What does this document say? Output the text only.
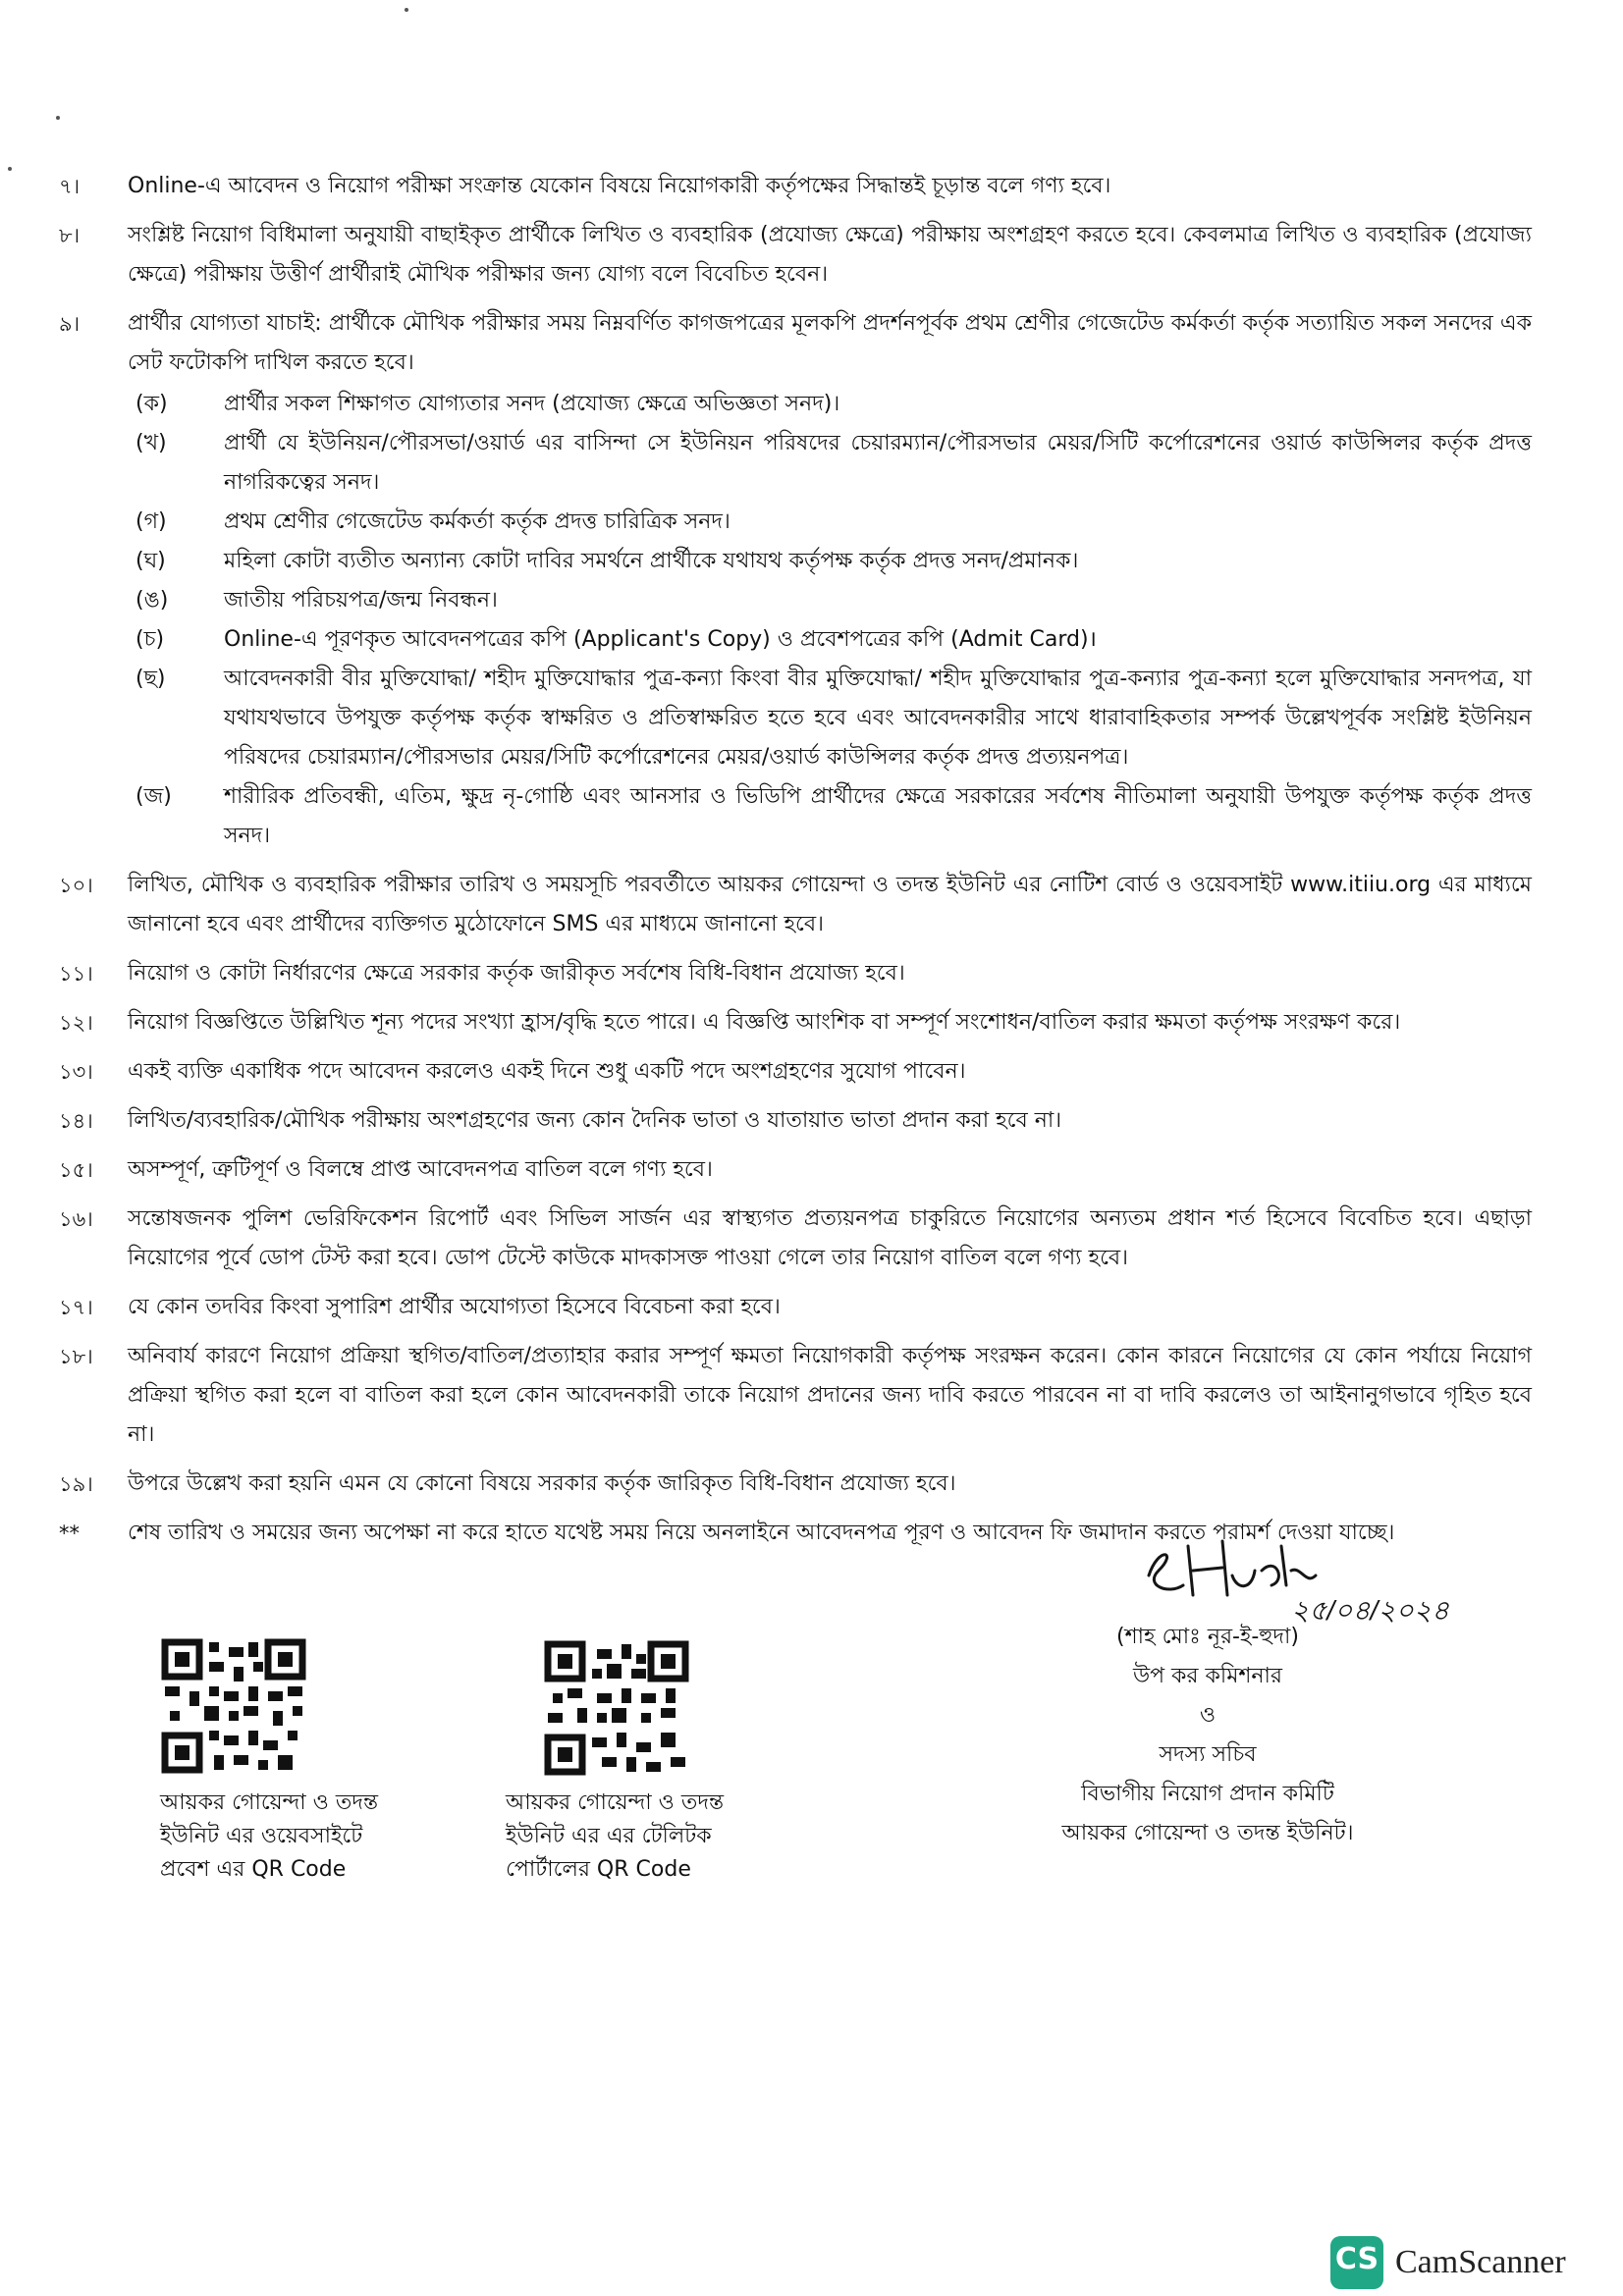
৭।	Online-এ আবেদন ও নিয়োগ পরীক্ষা সংক্রান্ত যেকোন বিষয়ে নিয়োগকারী কর্তৃপক্ষের সিদ্ধান্তই চূড়ান্ত বলে গণ্য হবে।
৮।	সংশ্লিষ্ট নিয়োগ বিধিমালা অনুযায়ী বাছাইকৃত প্রার্থীকে লিখিত ও ব্যবহারিক (প্রযোজ্য ক্ষেত্রে) পরীক্ষায় অংশগ্রহণ করতে হবে। কেবলমাত্র লিখিত ও ব্যবহারিক (প্রযোজ্য ক্ষেত্রে) পরীক্ষায় উত্তীর্ণ প্রার্থীরাই মৌখিক পরীক্ষার জন্য যোগ্য বলে বিবেচিত হবেন।
৯।	প্রার্থীর যোগ্যতা যাচাই: প্রার্থীকে মৌখিক পরীক্ষার সময় নিম্নবর্ণিত কাগজপত্রের মূলকপি প্রদর্শনপূর্বক প্রথম শ্রেণীর গেজেটেড কর্মকর্তা কর্তৃক সত্যায়িত সকল সনদের এক সেট ফটোকপি দাখিল করতে হবে।
(ক)	প্রার্থীর সকল শিক্ষাগত যোগ্যতার সনদ (প্রযোজ্য ক্ষেত্রে অভিজ্ঞতা সনদ)।
(খ)	প্রার্থী যে ইউনিয়ন/পৌরসভা/ওয়ার্ড এর বাসিন্দা সে ইউনিয়ন পরিষদের চেয়ারম্যান/পৌরসভার মেয়র/সিটি কর্পোরেশনের ওয়ার্ড কাউন্সিলর কর্তৃক প্রদত্ত নাগরিকত্বের সনদ।
(গ)	প্রথম শ্রেণীর গেজেটেড কর্মকর্তা কর্তৃক প্রদত্ত চারিত্রিক সনদ।
(ঘ)	মহিলা কোটা ব্যতীত অন্যান্য কোটা দাবির সমর্থনে প্রার্থীকে যথাযথ কর্তৃপক্ষ কর্তৃক প্রদত্ত সনদ/প্রমানক।
(ঙ)	জাতীয় পরিচয়পত্র/জন্ম নিবন্ধন।
(চ)	Online-এ পূরণকৃত আবেদনপত্রের কপি (Applicant's Copy) ও প্রবেশপত্রের কপি (Admit Card)।
(ছ)	আবেদনকারী বীর মুক্তিযোদ্ধা/ শহীদ মুক্তিযোদ্ধার পুত্র-কন্যা কিংবা বীর মুক্তিযোদ্ধা/ শহীদ মুক্তিযোদ্ধার পুত্র-কন্যার পুত্র-কন্যা হলে মুক্তিযোদ্ধার সনদপত্র, যা যথাযথভাবে উপযুক্ত কর্তৃপক্ষ কর্তৃক স্বাক্ষরিত ও প্রতিস্বাক্ষরিত হতে হবে এবং আবেদনকারীর সাথে ধারাবাহিকতার সম্পর্ক উল্লেখপূর্বক সংশ্লিষ্ট ইউনিয়ন পরিষদের চেয়ারম্যান/পৌরসভার মেয়র/সিটি কর্পোরেশনের মেয়র/ওয়ার্ড কাউন্সিলর কর্তৃক প্রদত্ত প্রত্যয়নপত্র।
(জ)	শারীরিক প্রতিবন্ধী, এতিম, ক্ষুদ্র নৃ-গোষ্ঠি এবং আনসার ও ভিডিপি প্রার্থীদের ক্ষেত্রে সরকারের সর্বশেষ নীতিমালা অনুযায়ী উপযুক্ত কর্তৃপক্ষ কর্তৃক প্রদত্ত সনদ।
১০।	লিখিত, মৌখিক ও ব্যবহারিক পরীক্ষার তারিখ ও সময়সূচি পরবর্তীতে আয়কর গোয়েন্দা ও তদন্ত ইউনিট এর নোটিশ বোর্ড ও ওয়েবসাইট www.itiiu.org এর মাধ্যমে জানানো হবে এবং প্রার্থীদের ব্যক্তিগত মুঠোফোনে SMS এর মাধ্যমে জানানো হবে।
১১।	নিয়োগ ও কোটা নির্ধারণের ক্ষেত্রে সরকার কর্তৃক জারীকৃত সর্বশেষ বিধি-বিধান প্রযোজ্য হবে।
১২।	নিয়োগ বিজ্ঞপ্তিতে উল্লিখিত শূন্য পদের সংখ্যা হ্রাস/বৃদ্ধি হতে পারে। এ বিজ্ঞপ্তি আংশিক বা সম্পূর্ণ সংশোধন/বাতিল করার ক্ষমতা কর্তৃপক্ষ সংরক্ষণ করে।
১৩।	একই ব্যক্তি একাধিক পদে আবেদন করলেও একই দিনে শুধু একটি পদে অংশগ্রহণের সুযোগ পাবেন।
১৪।	লিখিত/ব্যবহারিক/মৌখিক পরীক্ষায় অংশগ্রহণের জন্য কোন দৈনিক ভাতা ও যাতায়াত ভাতা প্রদান করা হবে না।
১৫।	অসম্পূর্ণ, ত্রুটিপূর্ণ ও বিলম্বে প্রাপ্ত আবেদনপত্র বাতিল বলে গণ্য হবে।
১৬।	সন্তোষজনক পুলিশ ভেরিফিকেশন রিপোর্ট এবং সিভিল সার্জন এর স্বাস্থ্যগত প্রত্যয়নপত্র চাকুরিতে নিয়োগের অন্যতম প্রধান শর্ত হিসেবে বিবেচিত হবে। এছাড়া নিয়োগের পূর্বে ডোপ টেস্ট করা হবে। ডোপ টেস্টে কাউকে মাদকাসক্ত পাওয়া গেলে তার নিয়োগ বাতিল বলে গণ্য হবে।
১৭।	যে কোন তদবির কিংবা সুপারিশ প্রার্থীর অযোগ্যতা হিসেবে বিবেচনা করা হবে।
১৮।	অনিবার্য কারণে নিয়োগ প্রক্রিয়া স্থগিত/বাতিল/প্রত্যাহার করার সম্পূর্ণ ক্ষমতা নিয়োগকারী কর্তৃপক্ষ সংরক্ষন করেন। কোন কারনে নিয়োগের যে কোন পর্যায়ে নিয়োগ প্রক্রিয়া স্থগিত করা হলে বা বাতিল করা হলে কোন আবেদনকারী তাকে নিয়োগ প্রদানের জন্য দাবি করতে পারবেন না বা দাবি করলেও তা আইনানুগভাবে গৃহিত হবে না।
১৯।	উপরে উল্লেখ করা হয়নি এমন যে কোনো বিষয়ে সরকার কর্তৃক জারিকৃত বিধি-বিধান প্রযোজ্য হবে।
**	শেষ তারিখ ও সময়ের জন্য অপেক্ষা না করে হাতে যথেষ্ট সময় নিয়ে অনলাইনে আবেদনপত্র পূরণ ও আবেদন ফি জমাদান করতে পরামর্শ দেওয়া যাচ্ছে।
২৫/০৪/২০২৪
(শাহ মোঃ নূর-ই-হুদা)
উপ কর কমিশনার
ও
সদস্য সচিব
বিভাগীয় নিয়োগ প্রদান কমিটি
আয়কর গোয়েন্দা ও তদন্ত ইউনিট।
আয়কর গোয়েন্দা ও তদন্ত
ইউনিট এর ওয়েবসাইটে
প্রবেশ এর QR Code
আয়কর গোয়েন্দা ও তদন্ত
ইউনিট এর এর টেলিটক
পোর্টালের QR Code
CS CamScanner
